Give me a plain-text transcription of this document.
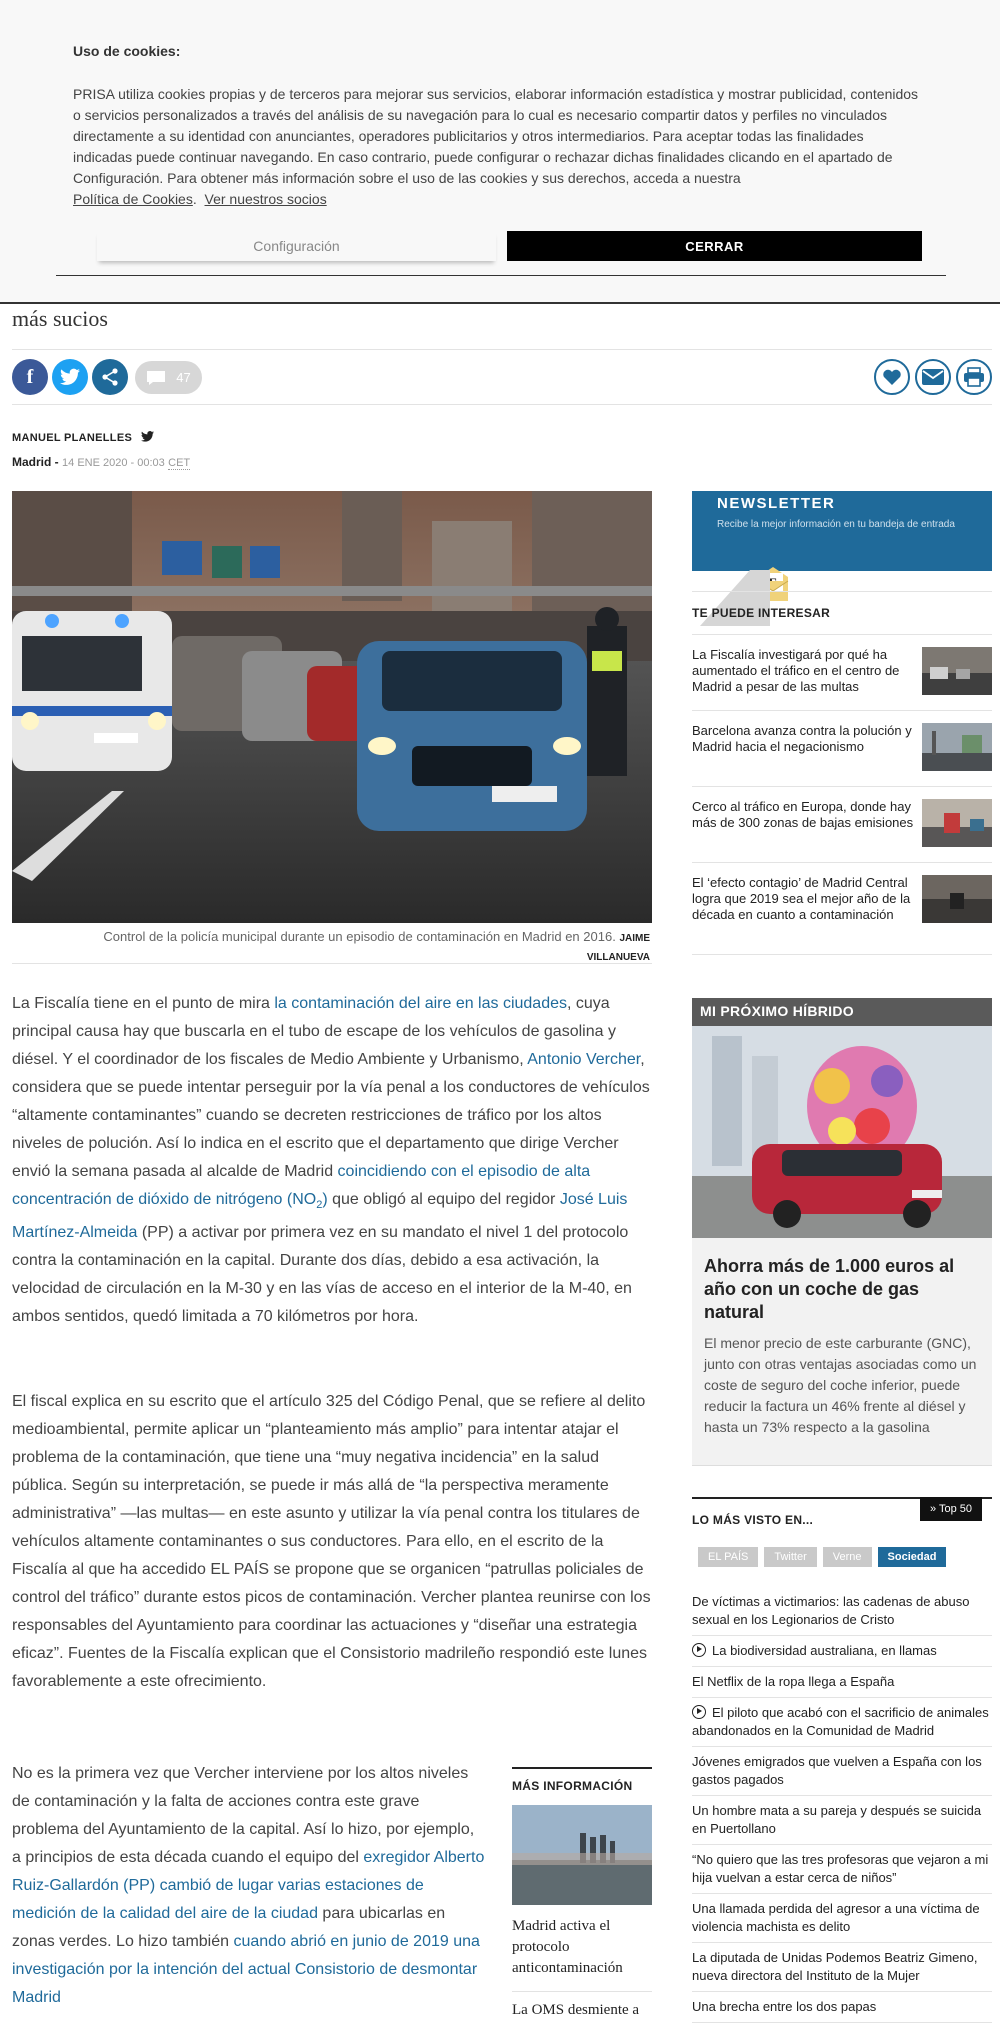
Uso de cookies:

PRISA utiliza cookies propias y de terceros para mejorar sus servicios, elaborar información estadística y mostrar publicidad, contenidos o servicios personalizados a través del análisis de su navegación para lo cual es necesario compartir datos y perfiles no vinculados directamente a su identidad con anunciantes, operadores publicitarios y otros intermediarios. Para aceptar todas las finalidades indicadas puede continuar navegando. En caso contrario, puede configurar o rechazar dichas finalidades clicando en el apartado de Configuración. Para obtener más información sobre el uso de las cookies y sus derechos, acceda a nuestra
Política de Cookies.  Ver nuestros socios

Configuración	CERRAR
más sucios
f	47
MANUEL PLANELLES
Madrid - 14 ENE 2020 - 00:03 CET
Control de la policía municipal durante un episodio de contaminación en Madrid en 2016. JAIME VILLANUEVA
La Fiscalía tiene en el punto de mira la contaminación del aire en las ciudades, cuya principal causa hay que buscarla en el tubo de escape de los vehículos de gasolina y diésel. Y el coordinador de los fiscales de Medio Ambiente y Urbanismo, Antonio Vercher, considera que se puede intentar perseguir por la vía penal a los conductores de vehículos “altamente contaminantes” cuando se decreten restricciones de tráfico por los altos niveles de polución. Así lo indica en el escrito que el departamento que dirige Vercher envió la semana pasada al alcalde de Madrid coincidiendo con el episodio de alta concentración de dióxido de nitrógeno $(NO_2)$ que obligó al equipo del regidor José Luis Martínez-Almeida (PP) a activar por primera vez en su mandato el nivel 1 del protocolo contra la contaminación en la capital. Durante dos días, debido a esa activación, la velocidad de circulación en la M-30 y en las vías de acceso en el interior de la M-40, en ambos sentidos, quedó limitada a 70 kilómetros por hora.
El fiscal explica en su escrito que el artículo 325 del Código Penal, que se refiere al delito medioambiental, permite aplicar un “planteamiento más amplio” para intentar atajar el problema de la contaminación, que tiene una “muy negativa incidencia” en la salud pública. Según su interpretación, se puede ir más allá de “la perspectiva meramente administrativa” —las multas— en este asunto y utilizar la vía penal contra los titulares de vehículos altamente contaminantes o sus conductores. Para ello, en el escrito de la Fiscalía al que ha accedido EL PAÍS se propone que se organicen “patrullas policiales de control del tráfico” durante estos picos de contaminación. Vercher plantea reunirse con los responsables del Ayuntamiento para coordinar las actuaciones y “diseñar una estrategia eficaz”. Fuentes de la Fiscalía explican que el Consistorio madrileño respondió este lunes favorablemente a este ofrecimiento.
No es la primera vez que Vercher interviene por los altos niveles de contaminación y la falta de acciones contra este grave problema del Ayuntamiento de la capital. Así lo hizo, por ejemplo, a principios de esta década cuando el equipo del exregidor Alberto Ruiz-Gallardón (PP) cambió de lugar varias estaciones de medición de la calidad del aire de la ciudad para ubicarlas en zonas verdes. Lo hizo también cuando abrió en junio de 2019 una investigación por la intención del actual Consistorio de desmontar Madrid
MÁS INFORMACIÓN
Madrid activa el protocolo anticontaminación
La OMS desmiente a
NEWSLETTER
Recibe la mejor información en tu bandeja de entrada
TE PUEDE INTERESAR
La Fiscalía investigará por qué ha aumentado el tráfico en el centro de Madrid a pesar de las multas
Barcelona avanza contra la polución y Madrid hacia el negacionismo
Cerco al tráfico en Europa, donde hay más de 300 zonas de bajas emisiones
El ‘efecto contagio’ de Madrid Central logra que 2019 sea el mejor año de la década en cuanto a contaminación
MI PRÓXIMO HÍBRIDO
Ahorra más de 1.000 euros al año con un coche de gas natural

El menor precio de este carburante (GNC), junto con otras ventajas asociadas como un coste de seguro del coche inferior, puede reducir la factura un 46% frente al diésel y hasta un 73% respecto a la gasolina

LO MÁS VISTO EN...
» Top 50
EL PAÍS	Twitter	Verne	Sociedad
De víctimas a victimarios: las cadenas de abuso sexual en los Legionarios de Cristo
La biodiversidad australiana, en llamas
El Netflix de la ropa llega a España
El piloto que acabó con el sacrificio de animales abandonados en la Comunidad de Madrid
Jóvenes emigrados que vuelven a España con los gastos pagados
Un hombre mata a su pareja y después se suicida en Puertollano
“No quiero que las tres profesoras que vejaron a mi hija vuelvan a estar cerca de niños”
Una llamada perdida del agresor a una víctima de violencia machista es delito
La diputada de Unidas Podemos Beatriz Gimeno, nueva directora del Instituto de la Mujer
Una brecha entre los dos papas
